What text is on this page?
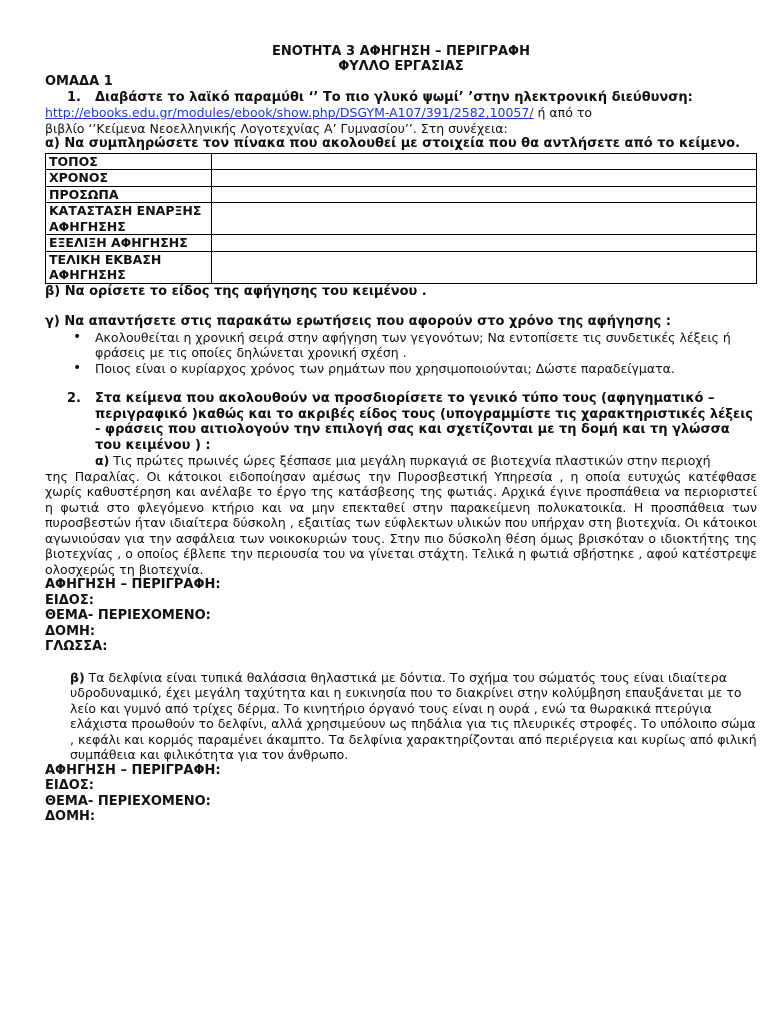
ΕΝΟΤΗΤΑ 3 ΑΦΗΓΗΣΗ – ΠΕΡΙΓΡΑΦΗ
ΦΥΛΛΟ ΕΡΓΑΣΙΑΣ
ΟΜΑΔΑ 1
1. Διαβάστε το λαϊκό παραμύθι ‘’ Το πιο γλυκό ψωμί’ ’στην ηλεκτρονική διεύθυνση:
http://ebooks.edu.gr/modules/ebook/show.php/DSGYM-A107/391/2582,10057/ ή από το
βιβλίο ‘’Κείμενα Νεοελληνικής Λογοτεχνίας Α’ Γυμνασίου’’. Στη συνέχεια:
α) Να συμπληρώσετε τον πίνακα που ακολουθεί με στοιχεία που θα αντλήσετε από το κείμενο.
ΤΟΠΟΣ	
ΧΡΟΝΟΣ	
ΠΡΟΣΩΠΑ	
ΚΑΤΑΣΤΑΣΗ ΕΝΑΡΞΗΣ ΑΦΗΓΗΣΗΣ	
ΕΞΕΛΙΞΗ ΑΦΗΓΗΣΗΣ	
ΤΕΛΙΚΗ ΕΚΒΑΣΗ ΑΦΗΓΗΣΗΣ	
β) Να ορίσετε το είδος της αφήγησης του κειμένου .
γ) Να απαντήσετε στις παρακάτω ερωτήσεις που αφορούν στο χρόνο της αφήγησης :
• Ακολουθείται η χρονική σειρά στην αφήγηση των γεγονότων; Να εντοπίσετε τις συνδετικές λέξεις ή φράσεις με τις οποίες δηλώνεται χρονική σχέση .
• Ποιος είναι ο κυρίαρχος χρόνος των ρημάτων που χρησιμοποιούνται; Δώστε παραδείγματα.
2. Στα κείμενα που ακολουθούν να προσδιορίσετε το γενικό τύπο τους (αφηγηματικό –περιγραφικό )καθώς και το ακριβές είδος τους (υπογραμμίστε τις χαρακτηριστικές λέξεις - φράσεις που αιτιολογούν την επιλογή σας και σχετίζονται με τη δομή και τη γλώσσα του κειμένου ) :
α) Τις πρώτες πρωινές ώρες ξέσπασε μια μεγάλη πυρκαγιά σε βιοτεχνία πλαστικών στην περιοχή
της Παραλίας. Οι κάτοικοι ειδοποίησαν αμέσως την Πυροσβεστική Υπηρεσία , η οποία ευτυχώς κατέφθασε χωρίς καθυστέρηση και ανέλαβε το έργο της κατάσβεσης της φωτιάς. Αρχικά έγινε προσπάθεια να περιοριστεί η φωτιά στο φλεγόμενο κτήριο και να μην επεκταθεί στην παρακείμενη πολυκατοικία. Η προσπάθεια των πυροσβεστών ήταν ιδιαίτερα δύσκολη , εξαιτίας των εύφλεκτων υλικών που υπήρχαν στη βιοτεχνία. Οι κάτοικοι αγωνιούσαν για την ασφάλεια των νοικοκυριών τους. Στην πιο δύσκολη θέση όμως βρισκόταν ο ιδιοκτήτης της βιοτεχνίας , ο οποίος έβλεπε την περιουσία του να γίνεται στάχτη. Τελικά η φωτιά σβήστηκε , αφού κατέστρεψε ολοσχερώς τη βιοτεχνία.
ΑΦΗΓΗΣΗ – ΠΕΡΙΓΡΑΦΗ:
ΕΙΔΟΣ:
ΘΕΜΑ- ΠΕΡΙΕΧΟΜΕΝΟ:
ΔΟΜΗ:
ΓΛΩΣΣΑ:
β) Τα δελφίνια είναι τυπικά θαλάσσια θηλαστικά με δόντια. Το σχήμα του σώματός τους είναι ιδιαίτερα υδροδυναμικό, έχει μεγάλη ταχύτητα και η ευκινησία που το διακρίνει στην κολύμβηση επαυξάνεται με το λείο και γυμνό από τρίχες δέρμα. Το κινητήριο όργανό τους είναι η ουρά , ενώ τα θωρακικά πτερύγια ελάχιστα προωθούν το δελφίνι, αλλά χρησιμεύουν ως πηδάλια για τις πλευρικές στροφές. Το υπόλοιπο σώμα , κεφάλι και κορμός παραμένει άκαμπτο. Τα δελφίνια χαρακτηρίζονται από περιέργεια και κυρίως από φιλική συμπάθεια και φιλικότητα για τον άνθρωπο.
ΑΦΗΓΗΣΗ – ΠΕΡΙΓΡΑΦΗ:
ΕΙΔΟΣ:
ΘΕΜΑ- ΠΕΡΙΕΧΟΜΕΝΟ:
ΔΟΜΗ:
